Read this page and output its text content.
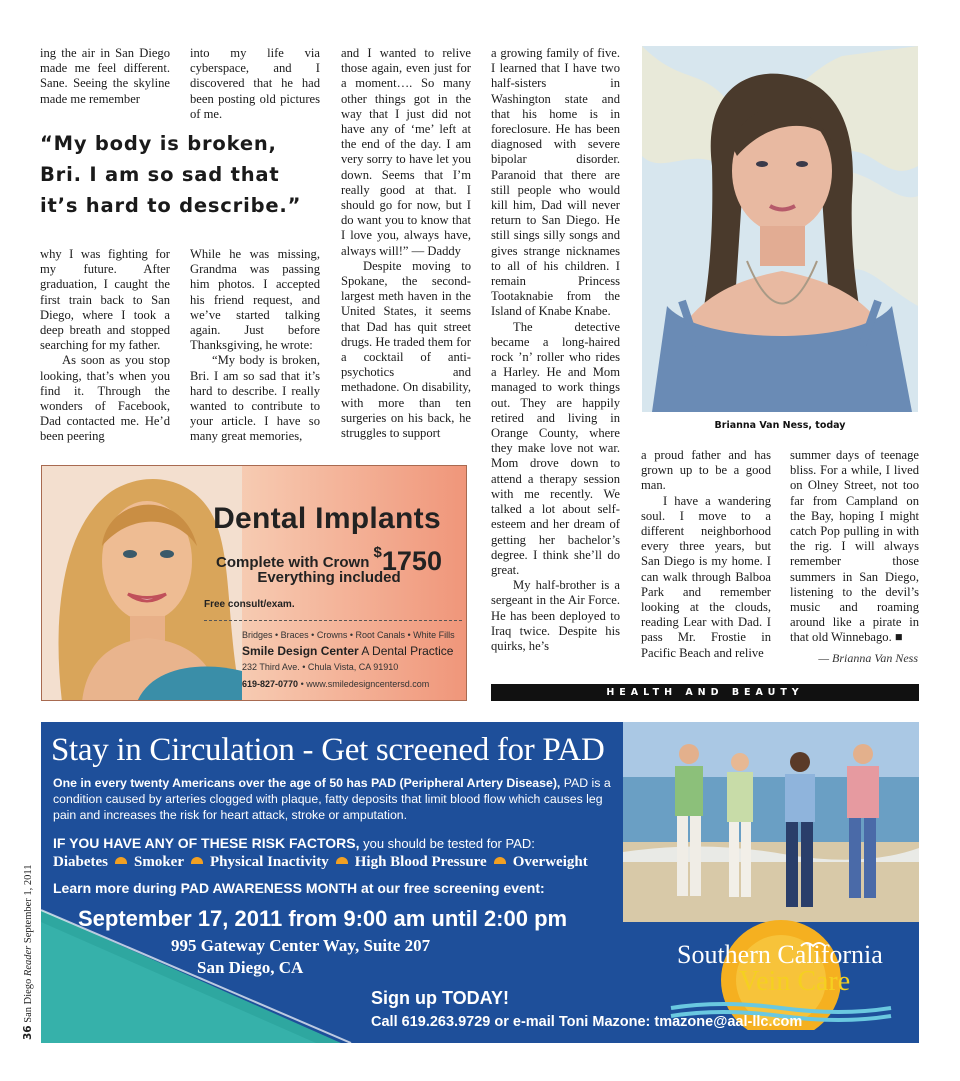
ing the air in San Diego made me feel different. Sane. Seeing the skyline made me remember

into my life via cyberspace, and I discovered that he had been posting old pictures of me.

“My body is broken, Bri. I am so sad that it’s hard to describe.”

why I was fighting for my future. After graduation, I caught the first train back to San Diego, where I took a deep breath and stopped searching for my father.

As soon as you stop looking, that’s when you find it. Through the wonders of Facebook, Dad contacted me. He’d been peering

While he was missing, Grandma was passing him photos. I accepted his friend request, and we’ve started talking again. Just before Thanksgiving, he wrote:

“My body is broken, Bri. I am so sad that it’s hard to describe. I really wanted to contribute to your article. I have so many great memories,

and I wanted to relive those again, even just for a moment…. So many other things got in the way that I just did not have any of ‘me’ left at the end of the day. I am very sorry to have let you down. Seems that I’m really good at that. I should go for now, but I do want you to know that I love you, always have, always will!” — Daddy

Despite moving to Spokane, the second-largest meth haven in the United States, it seems that Dad has quit street drugs. He traded them for a cocktail of anti-psychotics and methadone. On disability, with more than ten surgeries on his back, he struggles to support

a growing family of five. I learned that I have two half-sisters in Washington state and that his home is in foreclosure. He has been diagnosed with severe bipolar disorder. Paranoid that there are still people who would kill him, Dad will never return to San Diego. He still sings silly songs and gives strange nicknames to all of his children. I remain Princess Tootaknabie from the Island of Knabe Knabe.

The detective became a long-haired rock ’n’ roller who rides a Harley. He and Mom managed to work things out. They are happily retired and living in Orange County, where they make love not war. Mom drove down to attend a therapy session with me recently. We talked a lot about self-esteem and her dream of getting her bachelor’s degree. I think she’ll do great.

My half-brother is a sergeant in the Air Force. He has been deployed to Iraq twice. Despite his quirks, he’s

Brianna Van Ness, today

a proud father and has grown up to be a good man.

I have a wandering soul. I move to a different neighborhood every three years, but San Diego is my home. I can walk through Balboa Park and remember looking at the clouds, reading Lear with Dad. I pass Mr. Frostie in Pacific Beach and relive

summer days of teenage bliss. For a while, I lived on Olney Street, not too far from Campland on the Bay, hoping I might catch Pop pulling in with the rig. I will always remember those summers in San Diego, listening to the devil’s music and roaming around like a pirate in that old Winnebago. ■

— Brianna Van Ness
HEALTH AND BEAUTY
Dental Implants
Complete with Crown $1750
Everything included
Free consult/exam.
Bridges • Braces • Crowns • Root Canals • White Fills
Smile Design Center A Dental Practice
232 Third Ave. • Chula Vista, CA 91910
619-827-0770 • www.smiledesigncentersd.com
Stay in Circulation - Get screened for PAD
One in every twenty Americans over the age of 50 has PAD (Peripheral Artery Disease), PAD is a condition caused by arteries clogged with plaque, fatty deposits that limit blood flow which causes leg pain and increases the risk for heart attack, stroke or amputation.
IF YOU HAVE ANY OF THESE RISK FACTORS, you should be tested for PAD:
Diabetes Smoker Physical Inactivity High Blood Pressure Overweight
Learn more during PAD AWARENESS MONTH at our free screening event:
September 17, 2011 from 9:00 am until 2:00 pm
995 Gateway Center Way, Suite 207
San Diego, CA
Sign up TODAY!
Call 619.263.9729 or e-mail Toni Mazone: tmazone@aal-llc.com
Southern California
Vein Care
36 San Diego Reader September 1, 2011
